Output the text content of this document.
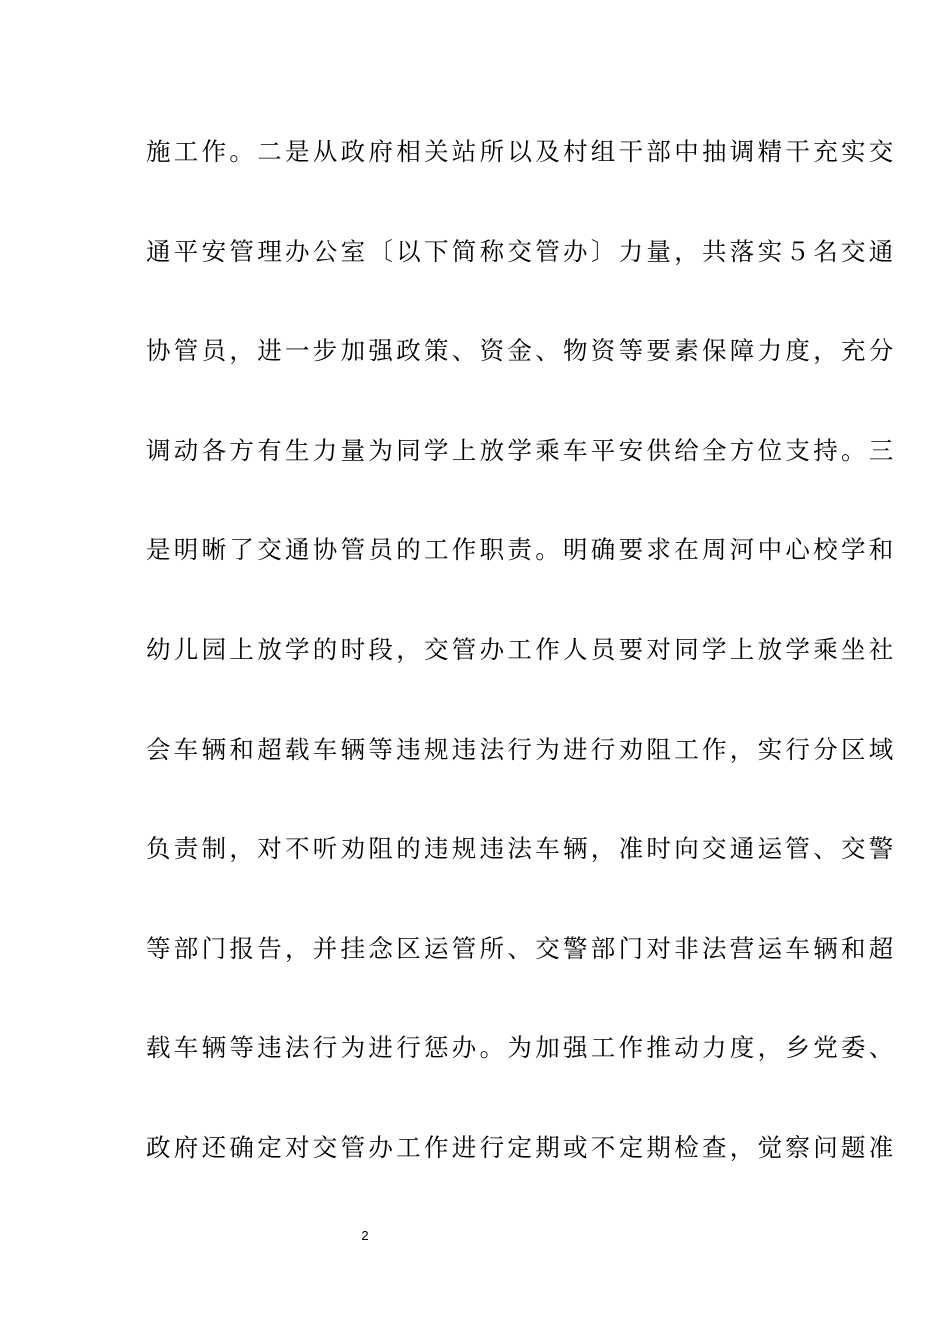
施工作。二是从政府相关站所以及村组干部中抽调精干充实交
通平安管理办公室〔以下简称交管办〕力量，共落实５名交通
协管员，进一步加强政策、资金、物资等要素保障力度，充分
调动各方有生力量为同学上放学乘车平安供给全方位支持。三
是明晰了交通协管员的工作职责。明确要求在周河中心校学和
幼儿园上放学的时段，交管办工作人员要对同学上放学乘坐社
会车辆和超载车辆等违规违法行为进行劝阻工作，实行分区域
负责制，对不听劝阻的违规违法车辆，准时向交通运管、交警
等部门报告，并挂念区运管所、交警部门对非法营运车辆和超
载车辆等违法行为进行惩办。为加强工作推动力度，乡党委、
政府还确定对交管办工作进行定期或不定期检查，觉察问题准
2
